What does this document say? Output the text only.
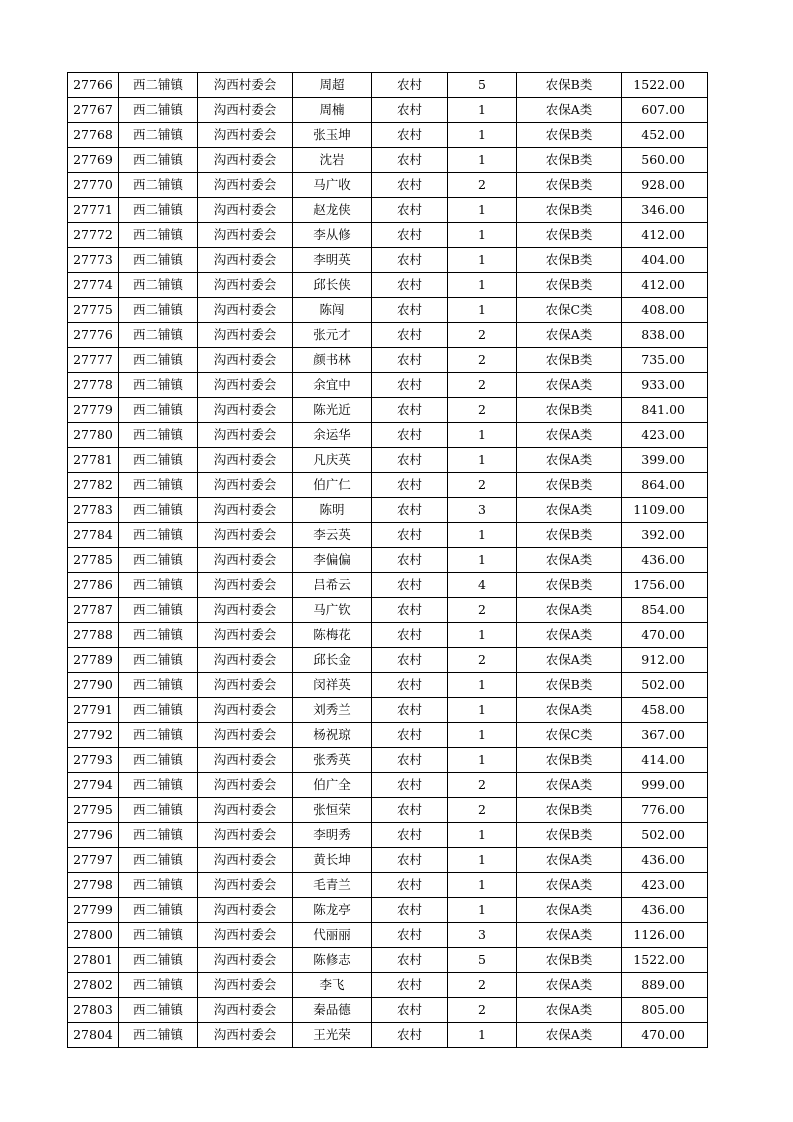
27766	西二铺镇	沟西村委会	周超	农村	5	农保B类	1522.00
27767	西二铺镇	沟西村委会	周楠	农村	1	农保A类	607.00
27768	西二铺镇	沟西村委会	张玉坤	农村	1	农保B类	452.00
27769	西二铺镇	沟西村委会	沈岩	农村	1	农保B类	560.00
27770	西二铺镇	沟西村委会	马广收	农村	2	农保B类	928.00
27771	西二铺镇	沟西村委会	赵龙侠	农村	1	农保B类	346.00
27772	西二铺镇	沟西村委会	李从修	农村	1	农保B类	412.00
27773	西二铺镇	沟西村委会	李明英	农村	1	农保B类	404.00
27774	西二铺镇	沟西村委会	邱长侠	农村	1	农保B类	412.00
27775	西二铺镇	沟西村委会	陈闯	农村	1	农保C类	408.00
27776	西二铺镇	沟西村委会	张元才	农村	2	农保A类	838.00
27777	西二铺镇	沟西村委会	颜书林	农村	2	农保B类	735.00
27778	西二铺镇	沟西村委会	余宜中	农村	2	农保A类	933.00
27779	西二铺镇	沟西村委会	陈光近	农村	2	农保B类	841.00
27780	西二铺镇	沟西村委会	余运华	农村	1	农保A类	423.00
27781	西二铺镇	沟西村委会	凡庆英	农村	1	农保A类	399.00
27782	西二铺镇	沟西村委会	伯广仁	农村	2	农保B类	864.00
27783	西二铺镇	沟西村委会	陈明	农村	3	农保A类	1109.00
27784	西二铺镇	沟西村委会	李云英	农村	1	农保B类	392.00
27785	西二铺镇	沟西村委会	李偏偏	农村	1	农保A类	436.00
27786	西二铺镇	沟西村委会	吕希云	农村	4	农保B类	1756.00
27787	西二铺镇	沟西村委会	马广钦	农村	2	农保A类	854.00
27788	西二铺镇	沟西村委会	陈梅花	农村	1	农保A类	470.00
27789	西二铺镇	沟西村委会	邱长金	农村	2	农保A类	912.00
27790	西二铺镇	沟西村委会	闵祥英	农村	1	农保B类	502.00
27791	西二铺镇	沟西村委会	刘秀兰	农村	1	农保A类	458.00
27792	西二铺镇	沟西村委会	杨祝琼	农村	1	农保C类	367.00
27793	西二铺镇	沟西村委会	张秀英	农村	1	农保B类	414.00
27794	西二铺镇	沟西村委会	伯广全	农村	2	农保A类	999.00
27795	西二铺镇	沟西村委会	张恒荣	农村	2	农保B类	776.00
27796	西二铺镇	沟西村委会	李明秀	农村	1	农保B类	502.00
27797	西二铺镇	沟西村委会	黄长坤	农村	1	农保A类	436.00
27798	西二铺镇	沟西村委会	毛青兰	农村	1	农保A类	423.00
27799	西二铺镇	沟西村委会	陈龙亭	农村	1	农保A类	436.00
27800	西二铺镇	沟西村委会	代丽丽	农村	3	农保A类	1126.00
27801	西二铺镇	沟西村委会	陈修志	农村	5	农保B类	1522.00
27802	西二铺镇	沟西村委会	李飞	农村	2	农保A类	889.00
27803	西二铺镇	沟西村委会	秦品德	农村	2	农保A类	805.00
27804	西二铺镇	沟西村委会	王光荣	农村	1	农保A类	470.00
